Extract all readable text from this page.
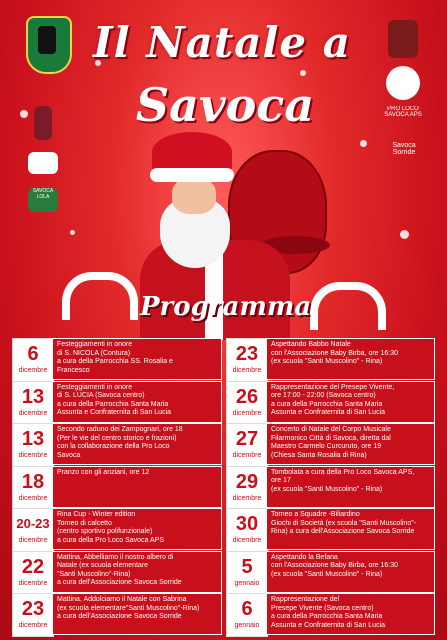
SAVOCA LOLA
PRO LOCO SAVOCA APS
Savoca Sorride
Il Natale a
Savoca
Programma
6
dicembre
Festeggiamenti in onore
di S. NICOLA (Contura)
a cura della Parrocchia SS. Rosalia e
Francesco
13
dicembre
Festeggiamenti in onore
di S. LUCIA (Savoca centro)
a cura della Parrocchia Santa Maria
Assunta e Confraternita di San Lucia
13
dicembre
Secondo raduno dei Zampognari, ore 18
(Per le vie del centro storico e frazioni)
con la collaborazione della Pro Loco
Savoca
18
dicembre
Pranzo con gli anziani, ore 12
20-23
dicembre
Rina Cup - Winter edition
Torneo di calcetto
(centro sportivo polifunzionale)
a cura della Pro Loco Savoca APS
22
dicembre
Mattina, Abbelliamo il nostro albero di
Natale (ex scuola elementare
"Santi Muscolino"-Rina)
a cura dell'Associazione Savoca Sorride
23
dicembre
Mattina, Addolciamo il Natale con Sabrina
(ex scuola elementare"Santi Muscolino"-Rina)
a cura dell'Associazione Savoca Sorride
23
dicembre
Aspettando Babbo Natale
con l'Associazione Baby Birba, ore 16:30
(ex scuola "Santi Muscolino" - Rina)
26
dicembre
Rappresentazione del Presepe Vivente,
ore 17:00 - 22:00 (Savoca centro)
a cura della Parrocchia Santa Maria
Assunta e Confraternita di San Lucia
27
dicembre
Concerto di Natale del Corpo Musicale
Filarmonico Città di Savoca, diretta dal
Maestro Carmelo Curcuruto, ore 19
(Chiesa Santa Rosalia di Rina)
29
dicembre
Tombolata a cura della Pro Loco Savoca APS,
ore 17
(ex scuola "Santi Muscolino" - Rina)
30
dicembre
Torneo a Squadre -Biliardino
Giochi di Società (ex scuola "Santi Muscolino"-
Rina) a cura dell'Associazione Savoca Sorride
5
gennaio
Aspettando la Befana
con l'Associazione Baby Birba, ore 16:30
(ex scuola "Santi Muscolino" - Rina)
6
gennaio
Rappresentazione del
Presepe Vivente (Savoca centro)
a cura della Parrocchia Santa Maria
Assunta e Confraternita di San Lucia
